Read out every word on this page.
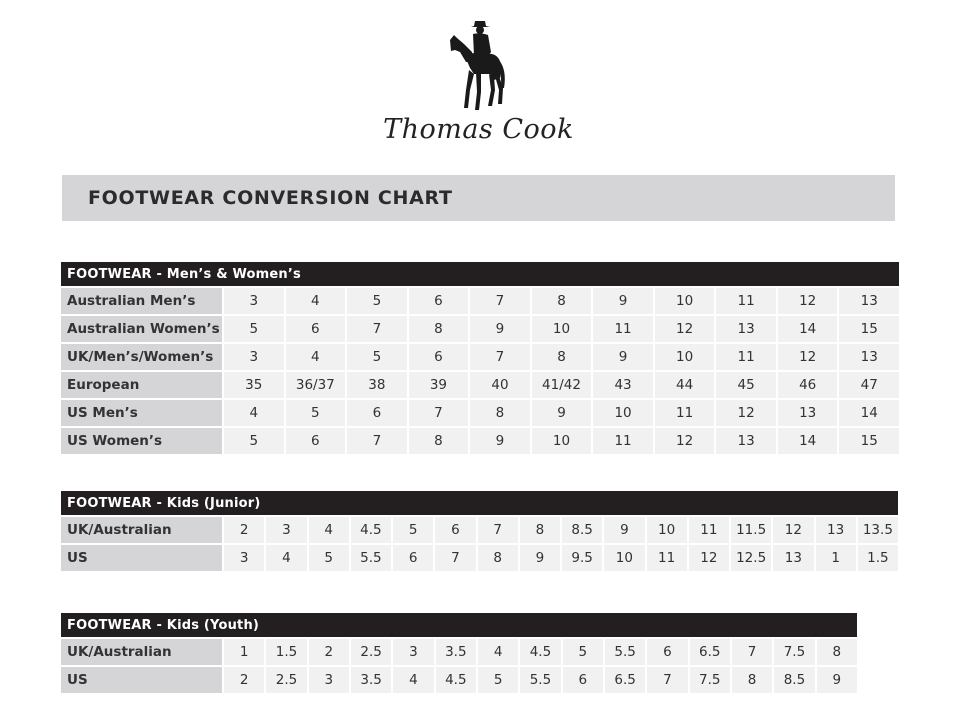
Thomas Cook
FOOTWEAR CONVERSION CHART
FOOTWEAR - Men’s & Women’s
Australian Men’s	3	4	5	6	7	8	9	10	11	12	13
Australian Women’s	5	6	7	8	9	10	11	12	13	14	15
UK/Men’s/Women’s	3	4	5	6	7	8	9	10	11	12	13
European	35	36/37	38	39	40	41/42	43	44	45	46	47
US Men’s	4	5	6	7	8	9	10	11	12	13	14
US Women’s	5	6	7	8	9	10	11	12	13	14	15
FOOTWEAR - Kids (Junior)
UK/Australian	2	3	4	4.5	5	6	7	8	8.5	9	10	11	11.5	12	13	13.5
US	3	4	5	5.5	6	7	8	9	9.5	10	11	12	12.5	13	1	1.5
FOOTWEAR - Kids (Youth)
UK/Australian	1	1.5	2	2.5	3	3.5	4	4.5	5	5.5	6	6.5	7	7.5	8
US	2	2.5	3	3.5	4	4.5	5	5.5	6	6.5	7	7.5	8	8.5	9
